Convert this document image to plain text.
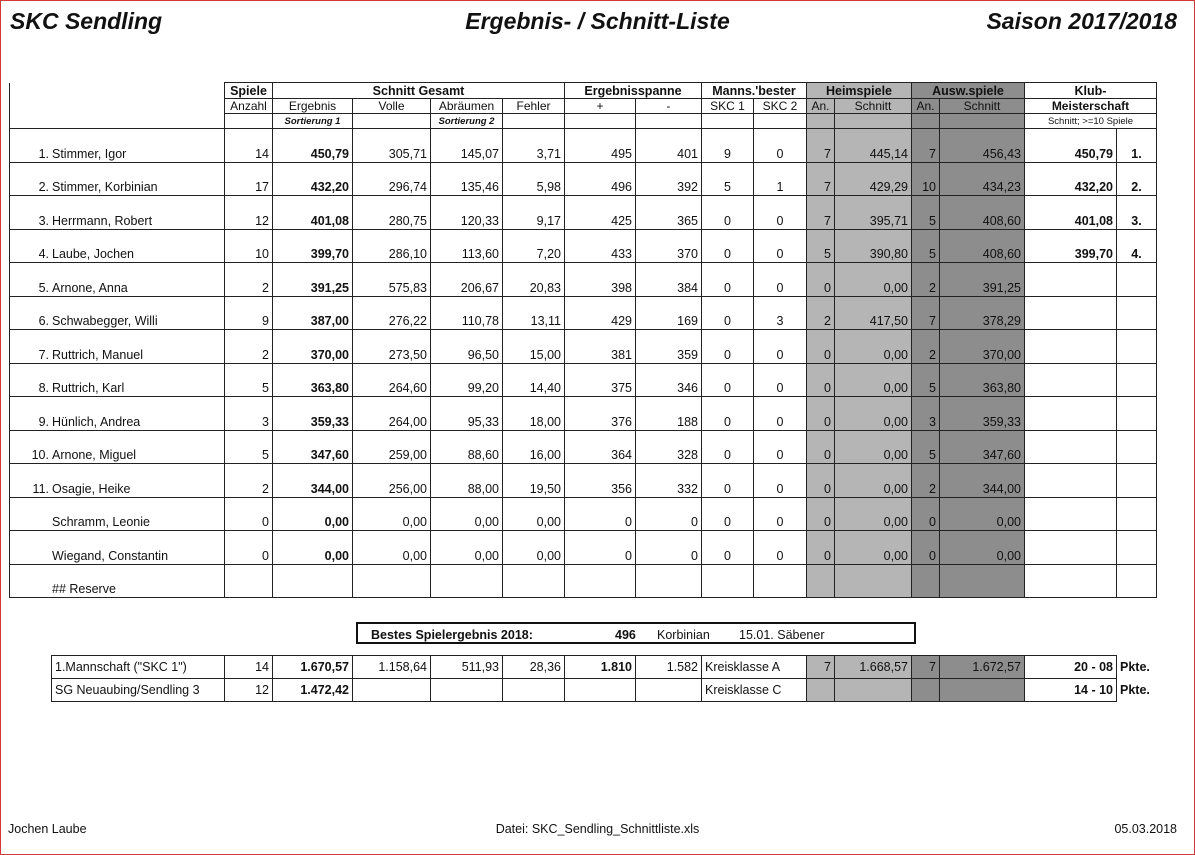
SKC Sendling	Ergebnis- / Schnitt-Liste	Saison 2017/2018
	Spiele	Schnitt Gesamt				Ergebnisspanne		Manns.'bester		Heimspiele		Ausw.spiele		Klub-	
	Anzahl	Ergebnis	Volle	Abräumen	Fehler	+	-	SKC 1	SKC 2	An.	Schnitt	An.	Schnitt	Meisterschaft	
		Sortierung 1		Sortierung 2										Schnitt; >=10 Spiele	
1. Stimmer, Igor	14	450,79	305,71	145,07	3,71	495	401	9	0	7	445,14	7	456,43	450,79	1.
2. Stimmer, Korbinian	17	432,20	296,74	135,46	5,98	496	392	5	1	7	429,29	10	434,23	432,20	2.
3. Herrmann, Robert	12	401,08	280,75	120,33	9,17	425	365	0	0	7	395,71	5	408,60	401,08	3.
4. Laube, Jochen	10	399,70	286,10	113,60	7,20	433	370	0	0	5	390,80	5	408,60	399,70	4.
5. Arnone, Anna	2	391,25	575,83	206,67	20,83	398	384	0	0	0	0,00	2	391,25		
6. Schwabegger, Willi	9	387,00	276,22	110,78	13,11	429	169	0	3	2	417,50	7	378,29		
7. Ruttrich, Manuel	2	370,00	273,50	96,50	15,00	381	359	0	0	0	0,00	2	370,00		
8. Ruttrich, Karl	5	363,80	264,60	99,20	14,40	375	346	0	0	0	0,00	5	363,80		
9. Hünlich, Andrea	3	359,33	264,00	95,33	18,00	376	188	0	0	0	0,00	3	359,33		
10. Arnone, Miguel	5	347,60	259,00	88,60	16,00	364	328	0	0	0	0,00	5	347,60		
11. Osagie, Heike	2	344,00	256,00	88,00	19,50	356	332	0	0	0	0,00	2	344,00		
Schramm, Leonie	0	0,00	0,00	0,00	0,00	0	0	0	0	0	0,00	0	0,00		
Wiegand, Constantin	0	0,00	0,00	0,00	0,00	0	0	0	0	0	0,00	0	0,00		
## Reserve															
Bestes Spielergebnis 2018:	496 Korbinian 15.01. Säbener
1.Mannschaft ("SKC 1")	14	1.670,57	1.158,64	511,93	28,36	1.810	1.582	Kreisklasse A	7	1.668,57	7	1.672,57	20 - 08	Pkte.
SG Neuaubing/Sendling 3	12	1.472,42						Kreisklasse C					14 - 10	Pkte.
Jochen Laube	Datei: SKC_Sendling_Schnittliste.xls	05.03.2018
